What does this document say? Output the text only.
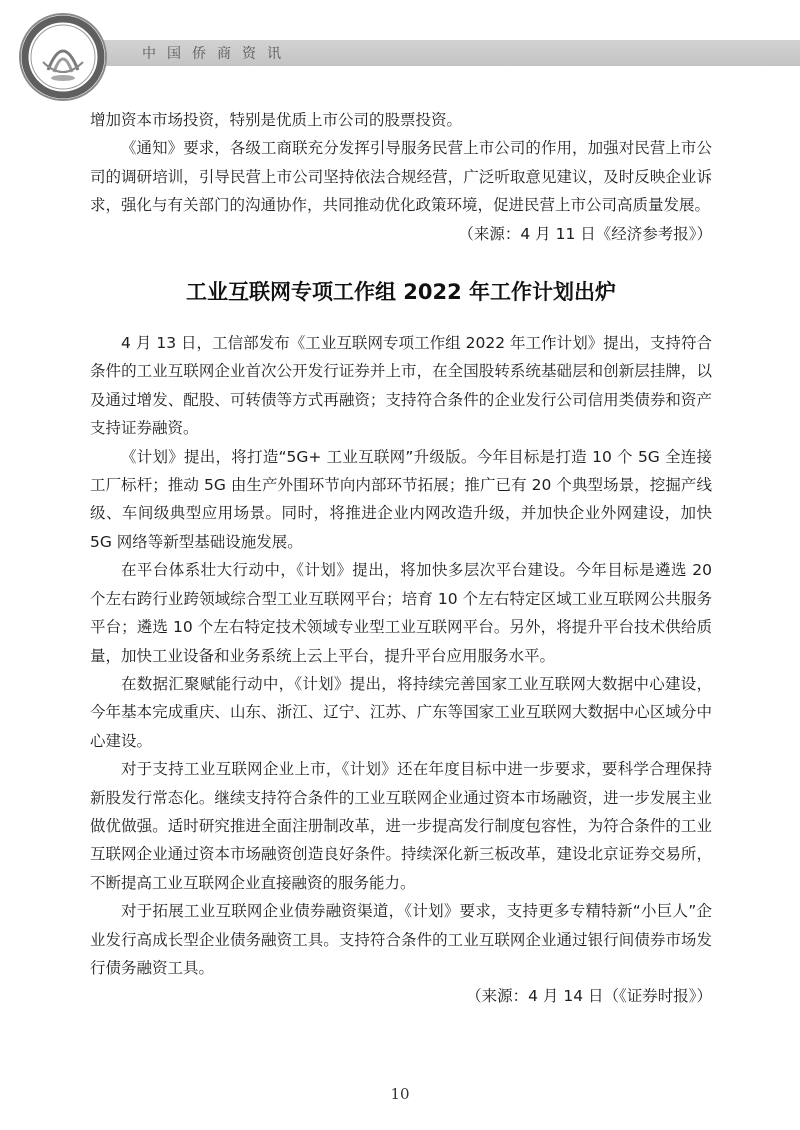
中国侨商资讯

增加资本市场投资，特别是优质上市公司的股票投资。

《通知》要求，各级工商联充分发挥引导服务民营上市公司的作用，加强对民营上市公司的调研培训，引导民营上市公司坚持依法合规经营，广泛听取意见建议，及时反映企业诉求，强化与有关部门的沟通协作，共同推动优化政策环境，促进民营上市公司高质量发展。

（来源：4 月 11 日《经济参考报》）

工业互联网专项工作组 2022 年工作计划出炉

4 月 13 日，工信部发布《工业互联网专项工作组 2022 年工作计划》提出，支持符合条件的工业互联网企业首次公开发行证券并上市，在全国股转系统基础层和创新层挂牌，以及通过增发、配股、可转债等方式再融资；支持符合条件的企业发行公司信用类债券和资产支持证券融资。

《计划》提出，将打造“5G+ 工业互联网”升级版。今年目标是打造 10 个 5G 全连接工厂标杆；推动 5G 由生产外围环节向内部环节拓展；推广已有 20 个典型场景，挖掘产线级、车间级典型应用场景。同时，将推进企业内网改造升级，并加快企业外网建设，加快 5G 网络等新型基础设施发展。

在平台体系壮大行动中，《计划》提出，将加快多层次平台建设。今年目标是遴选 20 个左右跨行业跨领域综合型工业互联网平台；培育 10 个左右特定区域工业互联网公共服务平台；遴选 10 个左右特定技术领域专业型工业互联网平台。另外，将提升平台技术供给质量，加快工业设备和业务系统上云上平台，提升平台应用服务水平。

在数据汇聚赋能行动中，《计划》提出，将持续完善国家工业互联网大数据中心建设，今年基本完成重庆、山东、浙江、辽宁、江苏、广东等国家工业互联网大数据中心区域分中心建设。

对于支持工业互联网企业上市，《计划》还在年度目标中进一步要求，要科学合理保持新股发行常态化。继续支持符合条件的工业互联网企业通过资本市场融资，进一步发展主业做优做强。适时研究推进全面注册制改革，进一步提高发行制度包容性，为符合条件的工业互联网企业通过资本市场融资创造良好条件。持续深化新三板改革，建设北京证券交易所，不断提高工业互联网企业直接融资的服务能力。

对于拓展工业互联网企业债券融资渠道，《计划》要求，支持更多专精特新“小巨人”企业发行高成长型企业债务融资工具。支持符合条件的工业互联网企业通过银行间债券市场发行债务融资工具。

（来源：4 月 14 日（《证券时报》）

10
